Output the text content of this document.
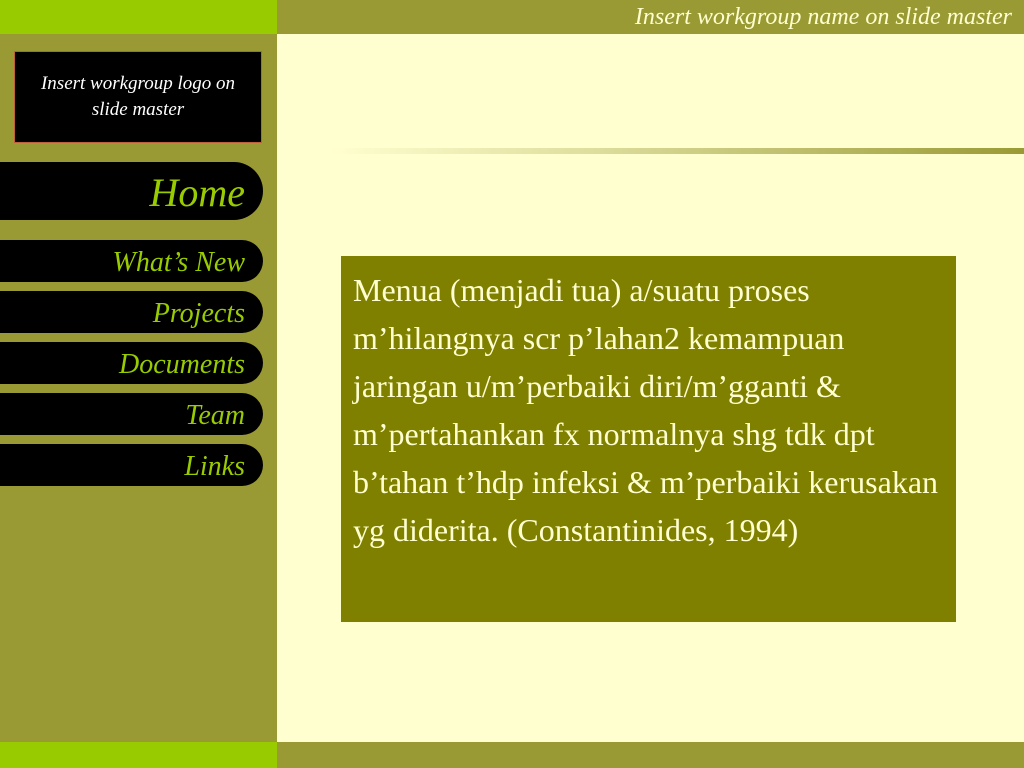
Insert workgroup name on slide master
Insert workgroup logo on slide master
Home
What’s New
Projects
Documents
Team
Links
Menua (menjadi tua) a/suatu proses m’hilangnya scr p’lahan2 kemampuan jaringan u/m’perbaiki diri/m’gganti & m’pertahankan fx normalnya shg tdk dpt b’tahan t’hdp infeksi & m’perbaiki kerusakan yg diderita. (Constantinides, 1994)
